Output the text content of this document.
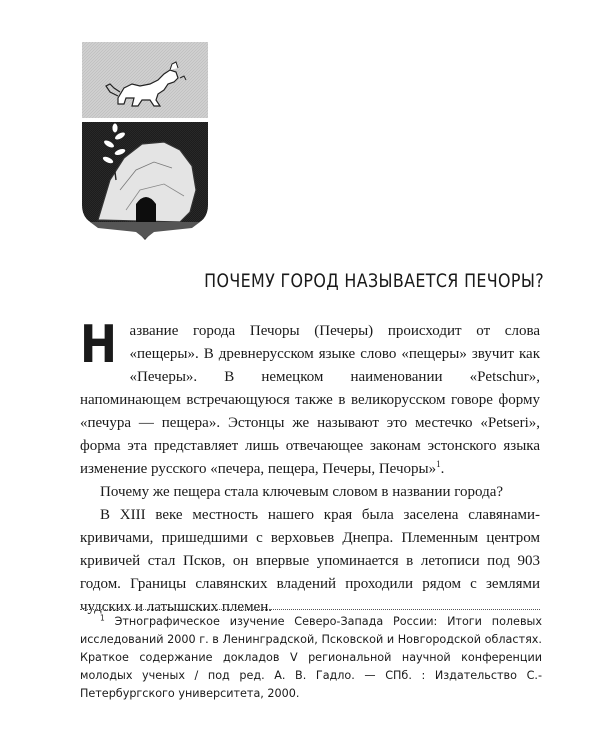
ПОЧЕМУ ГОРОД НАЗЫВАЕТСЯ ПЕЧОРЫ?

Название города Печоры (Печеры) происходит от слова «пещеры». В древнерусском языке слово «пещеры» звучит как «Печеры». В немецком наименовании «Petschur», напоминающем встречающуюся также в великорусском говоре форму «печура — пещера». Эстонцы же называют это местечко «Petseri», форма эта представляет лишь отвечающее законам эстонского языка изменение русского «печера, пещера, Печеры, Печоры»$^1$.

Почему же пещера стала ключевым словом в названии города?

В XIII веке местность нашего края была заселена славянами-кривичами, пришедшими с верховьев Днепра. Племенным центром кривичей стал Псков, он впервые упоминается в летописи под 903 годом. Границы славянских владений проходили рядом с землями чудских и латышских племен.

$^1$ Этнографическое изучение Северо-Запада России: Итоги полевых исследований 2000 г. в Ленинградской, Псковской и Новгородской областях. Краткое содержание докладов V региональной научной конференции молодых ученых / под ред. А. В. Гадло. — СПб. : Издательство С.-Петербургского университета, 2000.
